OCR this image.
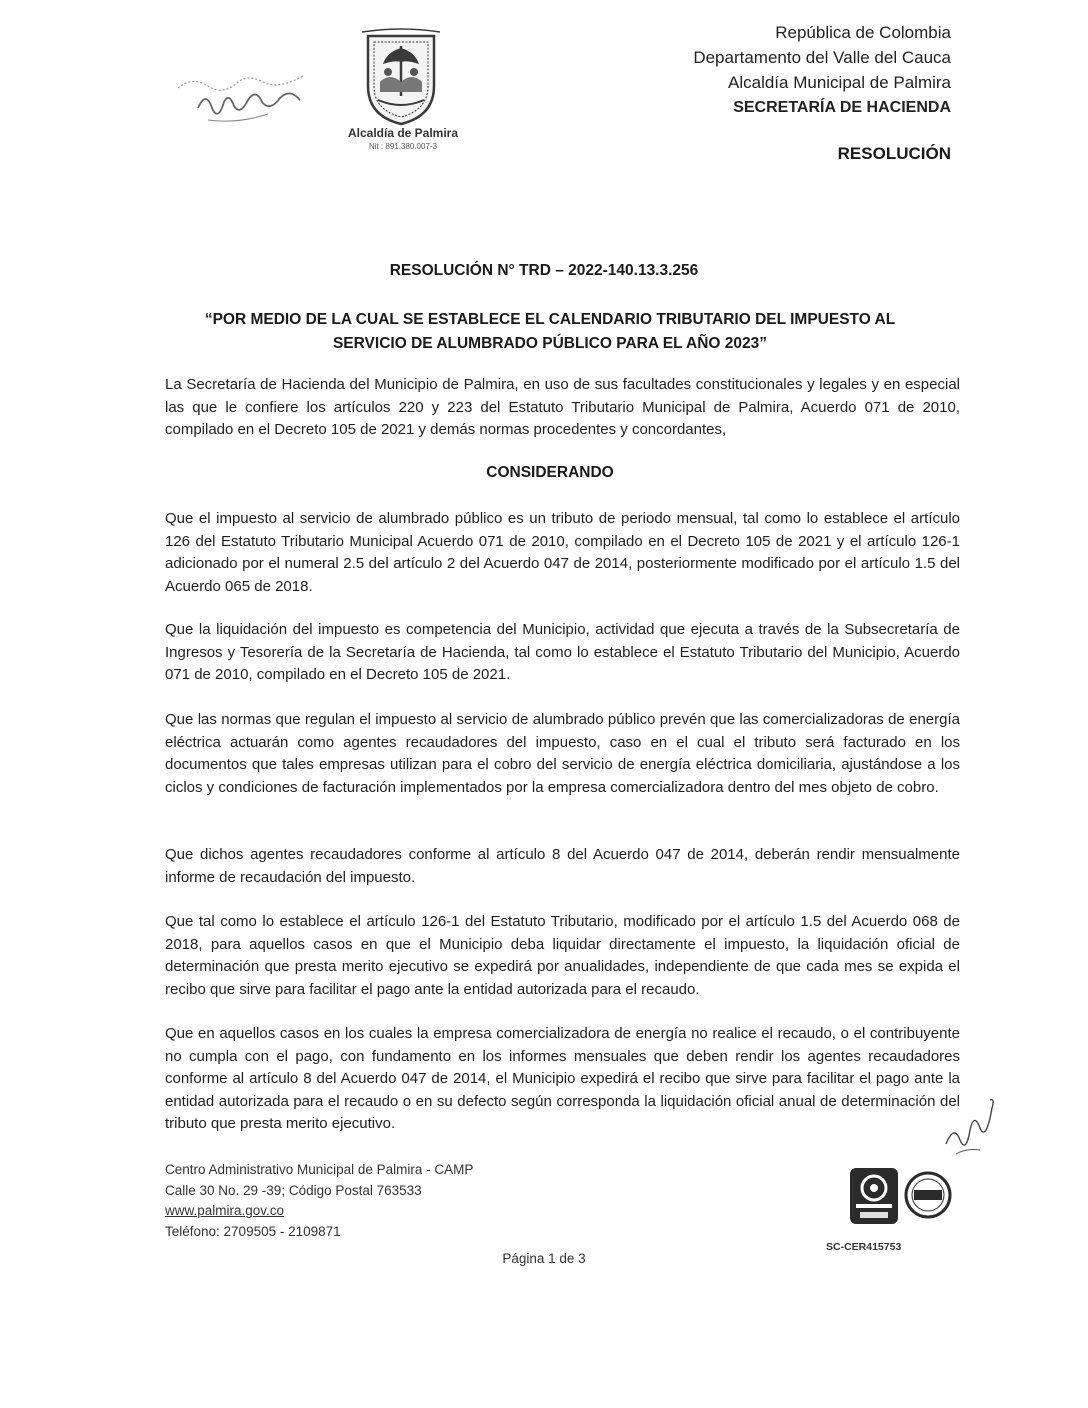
Alcaldía de Palmira
Nit : 891.380.007-3
República de Colombia
Departamento del Valle del Cauca
Alcaldía Municipal de Palmira
SECRETARÍA DE HACIENDA
RESOLUCIÓN
RESOLUCIÓN N° TRD – 2022-140.13.3.256
“POR MEDIO DE LA CUAL SE ESTABLECE EL CALENDARIO TRIBUTARIO DEL IMPUESTO AL SERVICIO DE ALUMBRADO PÚBLICO PARA EL AÑO 2023”
La Secretaría de Hacienda del Municipio de Palmira, en uso de sus facultades constitucionales y legales y en especial las que le confiere los artículos 220 y 223 del Estatuto Tributario Municipal de Palmira, Acuerdo 071 de 2010, compilado en el Decreto 105 de 2021 y demás normas procedentes y concordantes,
CONSIDERANDO
Que el impuesto al servicio de alumbrado público es un tributo de periodo mensual, tal como lo establece el artículo 126 del Estatuto Tributario Municipal Acuerdo 071 de 2010, compilado en el Decreto 105 de 2021 y el artículo 126-1 adicionado por el numeral 2.5 del artículo 2 del Acuerdo 047 de 2014, posteriormente modificado por el artículo 1.5 del Acuerdo 065 de 2018.
Que la liquidación del impuesto es competencia del Municipio, actividad que ejecuta a través de la Subsecretaría de Ingresos y Tesorería de la Secretaría de Hacienda, tal como lo establece el Estatuto Tributario del Municipio, Acuerdo 071 de 2010, compilado en el Decreto 105 de 2021.
Que las normas que regulan el impuesto al servicio de alumbrado público prevén que las comercializadoras de energía eléctrica actuarán como agentes recaudadores del impuesto, caso en el cual el tributo será facturado en los documentos que tales empresas utilizan para el cobro del servicio de energía eléctrica domiciliaria, ajustándose a los ciclos y condiciones de facturación implementados por la empresa comercializadora dentro del mes objeto de cobro.
Que dichos agentes recaudadores conforme al artículo 8 del Acuerdo 047 de 2014, deberán rendir mensualmente informe de recaudación del impuesto.
Que tal como lo establece el artículo 126-1 del Estatuto Tributario, modificado por el artículo 1.5 del Acuerdo 068 de 2018, para aquellos casos en que el Municipio deba liquidar directamente el impuesto, la liquidación oficial de determinación que presta merito ejecutivo se expedirá por anualidades, independiente de que cada mes se expida el recibo que sirve para facilitar el pago ante la entidad autorizada para el recaudo.
Que en aquellos casos en los cuales la empresa comercializadora de energía no realice el recaudo, o el contribuyente no cumpla con el pago, con fundamento en los informes mensuales que deben rendir los agentes recaudadores conforme al artículo 8 del Acuerdo 047 de 2014, el Municipio expedirá el recibo que sirve para facilitar el pago ante la entidad autorizada para el recaudo o en su defecto según corresponda la liquidación oficial anual de determinación del tributo que presta merito ejecutivo.
Centro Administrativo Municipal de Palmira - CAMP
Calle 30 No. 29 -39; Código Postal 763533
www.palmira.gov.co
Teléfono: 2709505 - 2109871
Página 1 de 3
SC-CER415753
